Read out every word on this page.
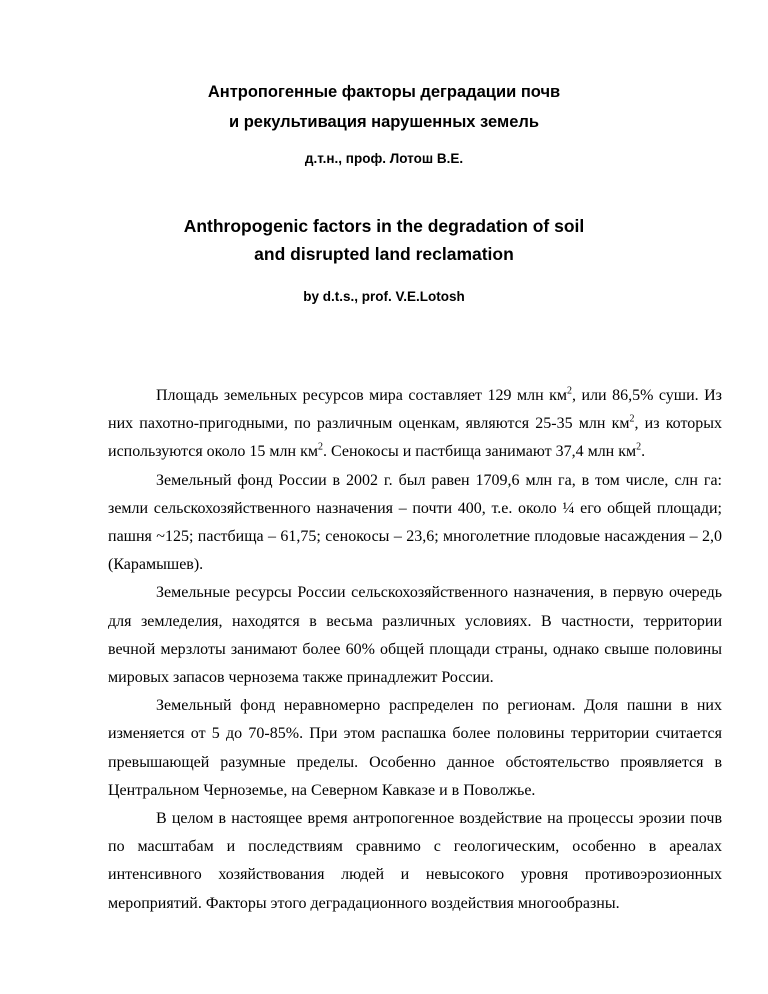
Антропогенные факторы деградации почв
и рекультивация нарушенных земель
д.т.н., проф. Лотош В.Е.
Anthropogenic factors in the degradation of soil
and disrupted land reclamation
by d.t.s., prof. V.E.Lotosh

Площадь земельных ресурсов мира составляет 129 млн $км^2$, или 86,5% суши. Из них пахотно-пригодными, по различным оценкам, являются 25-35 млн $км^2$, из которых используются около 15 млн $км^2$. Сенокосы и пастбища занимают 37,4 млн $км^2$.

Земельный фонд России в 2002 г. был равен 1709,6 млн га, в том числе, слн га: земли сельскохозяйственного назначения – почти 400, т.е. около ¼ его общей площади; пашня ~125; пастбища – 61,75; сенокосы – 23,6; многолетние плодовые насаждения – 2,0 (Карамышев).

Земельные ресурсы России сельскохозяйственного назначения, в первую очередь для земледелия, находятся в весьма различных условиях. В частности, территории вечной мерзлоты занимают более 60% общей площади страны, однако свыше половины мировых запасов чернозема также принадлежит России.

Земельный фонд неравномерно распределен по регионам. Доля пашни в них изменяется от 5 до 70-85%. При этом распашка более половины территории считается превышающей разумные пределы. Особенно данное обстоятельство проявляется в Центральном Черноземье, на Северном Кавказе и в Поволжье.

В целом в настоящее время антропогенное воздействие на процессы эрозии почв по масштабам и последствиям сравнимо с геологическим, особенно в ареалах интенсивного хозяйствования людей и невысокого уровня противоэрозионных мероприятий. Факторы этого деградационного воздействия многообразны.
